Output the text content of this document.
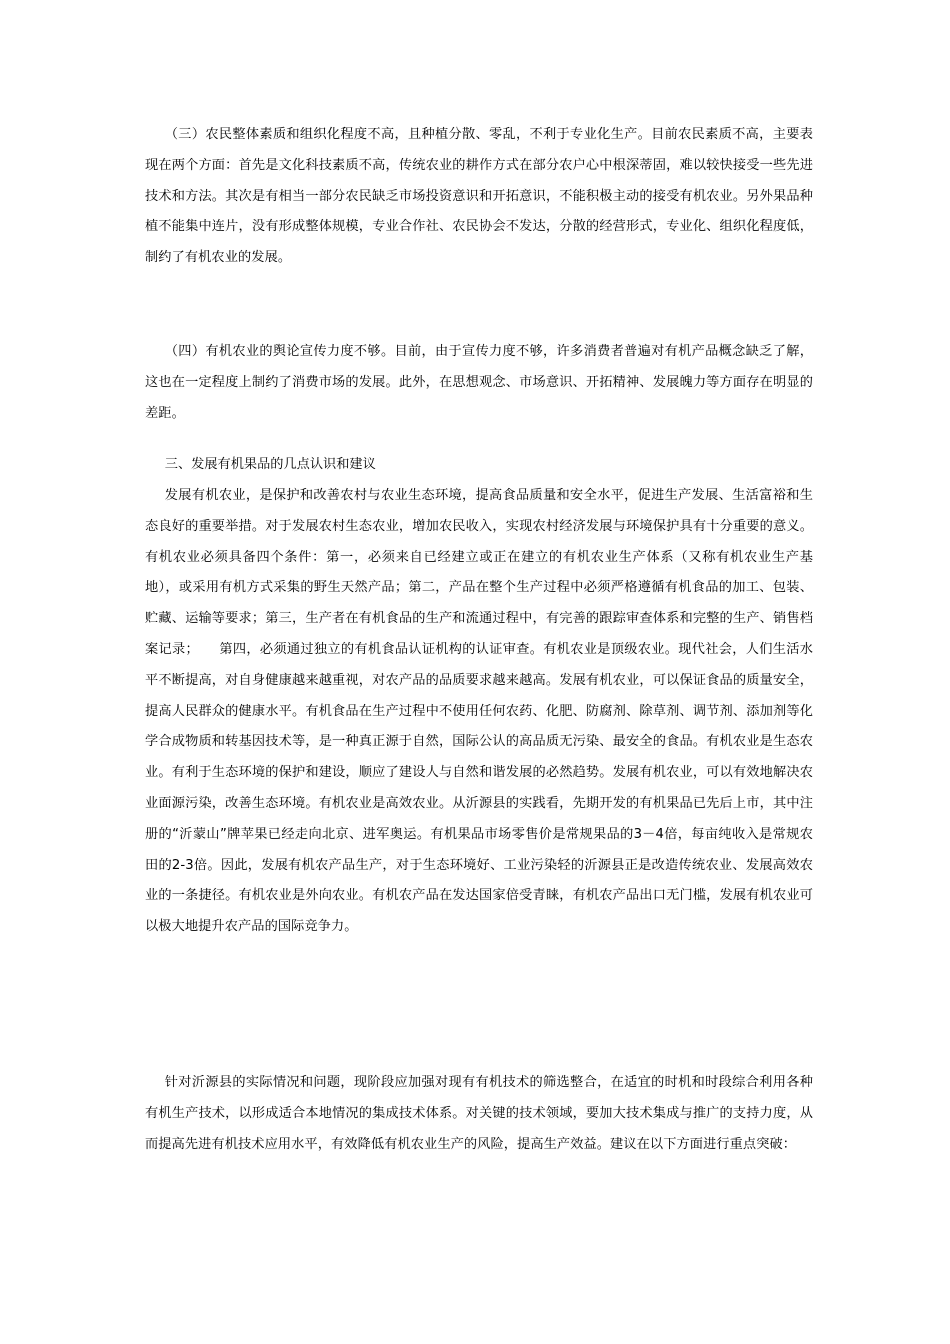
（三）农民整体素质和组织化程度不高，且种植分散、零乱，不利于专业化生产。目前农民素质不高，主要表现在两个方面：首先是文化科技素质不高，传统农业的耕作方式在部分农户心中根深蒂固，难以较快接受一些先进技术和方法。其次是有相当一部分农民缺乏市场投资意识和开拓意识，不能积极主动的接受有机农业。另外果品种植不能集中连片，没有形成整体规模，专业合作社、农民协会不发达，分散的经营形式，专业化、组织化程度低，制约了有机农业的发展。

（四）有机农业的舆论宣传力度不够。目前，由于宣传力度不够，许多消费者普遍对有机产品概念缺乏了解，这也在一定程度上制约了消费市场的发展。此外，在思想观念、市场意识、开拓精神、发展魄力等方面存在明显的差距。

三、发展有机果品的几点认识和建议

发展有机农业，是保护和改善农村与农业生态环境，提高食品质量和安全水平，促进生产发展、生活富裕和生态良好的重要举措。对于发展农村生态农业，增加农民收入，实现农村经济发展与环境保护具有十分重要的意义。有机农业必须具备四个条件：第一，必须来自已经建立或正在建立的有机农业生产体系（又称有机农业生产基地），或采用有机方式采集的野生天然产品；第二，产品在整个生产过程中必须严格遵循有机食品的加工、包装、贮藏、运输等要求；第三，生产者在有机食品的生产和流通过程中，有完善的跟踪审查体系和完整的生产、销售档案记录；　　第四，必须通过独立的有机食品认证机构的认证审查。有机农业是顶级农业。现代社会，人们生活水平不断提高，对自身健康越来越重视，对农产品的品质要求越来越高。发展有机农业，可以保证食品的质量安全，提高人民群众的健康水平。有机食品在生产过程中不使用任何农药、化肥、防腐剂、除草剂、调节剂、添加剂等化学合成物质和转基因技术等，是一种真正源于自然，国际公认的高品质无污染、最安全的食品。有机农业是生态农业。有利于生态环境的保护和建设，顺应了建设人与自然和谐发展的必然趋势。发展有机农业，可以有效地解决农业面源污染，改善生态环境。有机农业是高效农业。从沂源县的实践看，先期开发的有机果品已先后上市，其中注册的“沂蒙山”牌苹果已经走向北京、进军奥运。有机果品市场零售价是常规果品的3－4倍，每亩纯收入是常规农田的2-3倍。因此，发展有机农产品生产，对于生态环境好、工业污染轻的沂源县正是改造传统农业、发展高效农业的一条捷径。有机农业是外向农业。有机农产品在发达国家倍受青睐，有机农产品出口无门槛，发展有机农业可以极大地提升农产品的国际竞争力。

针对沂源县的实际情况和问题，现阶段应加强对现有有机技术的筛选整合，在适宜的时机和时段综合利用各种有机生产技术，以形成适合本地情况的集成技术体系。对关键的技术领域，要加大技术集成与推广的支持力度，从而提高先进有机技术应用水平，有效降低有机农业生产的风险，提高生产效益。建议在以下方面进行重点突破：
